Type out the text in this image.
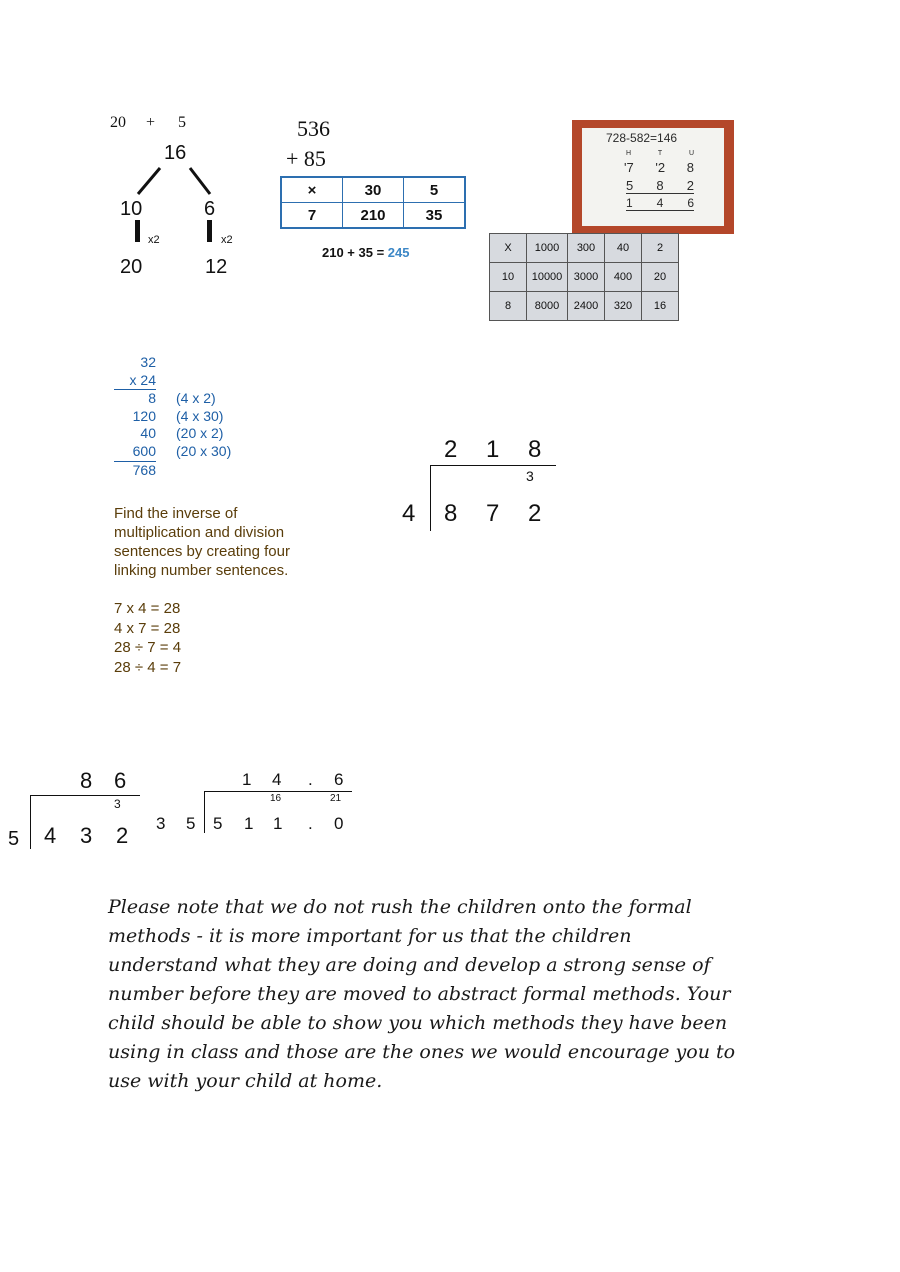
20 + 5
16
10	6
x2	x2
20	12
536
+ 85
×	30	5
7	210	35
210 + 35 = 245
728-582=146
H	T	U
'7 '2 8
5 8 2
1 4 6
X	1000	300	40	2
10	10000	3000	400	20
8	8000	2400	320	16
32
x 24
8 (4 x 2)
120 (4 x 30)
40 (20 x 2)
600 (20 x 30)
768
2 1 8
3
4 8 7 2
Find the inverse of multiplication and division sentences by creating four linking number sentences.
7 x 4 = 28
4 x 7 = 28
28 ÷ 7 = 4
28 ÷ 4 = 7
5
8 6
3
4 3 2
1 4 . 6
16	21
3 5 5 1 1 . 0
Please note that we do not rush the children onto the formal
methods - it is more important for us that the children
understand what they are doing and develop a strong sense of
number before they are moved to abstract formal methods. Your
child should be able to show you which methods they have been
using in class and those are the ones we would encourage you to
use with your child at home.
